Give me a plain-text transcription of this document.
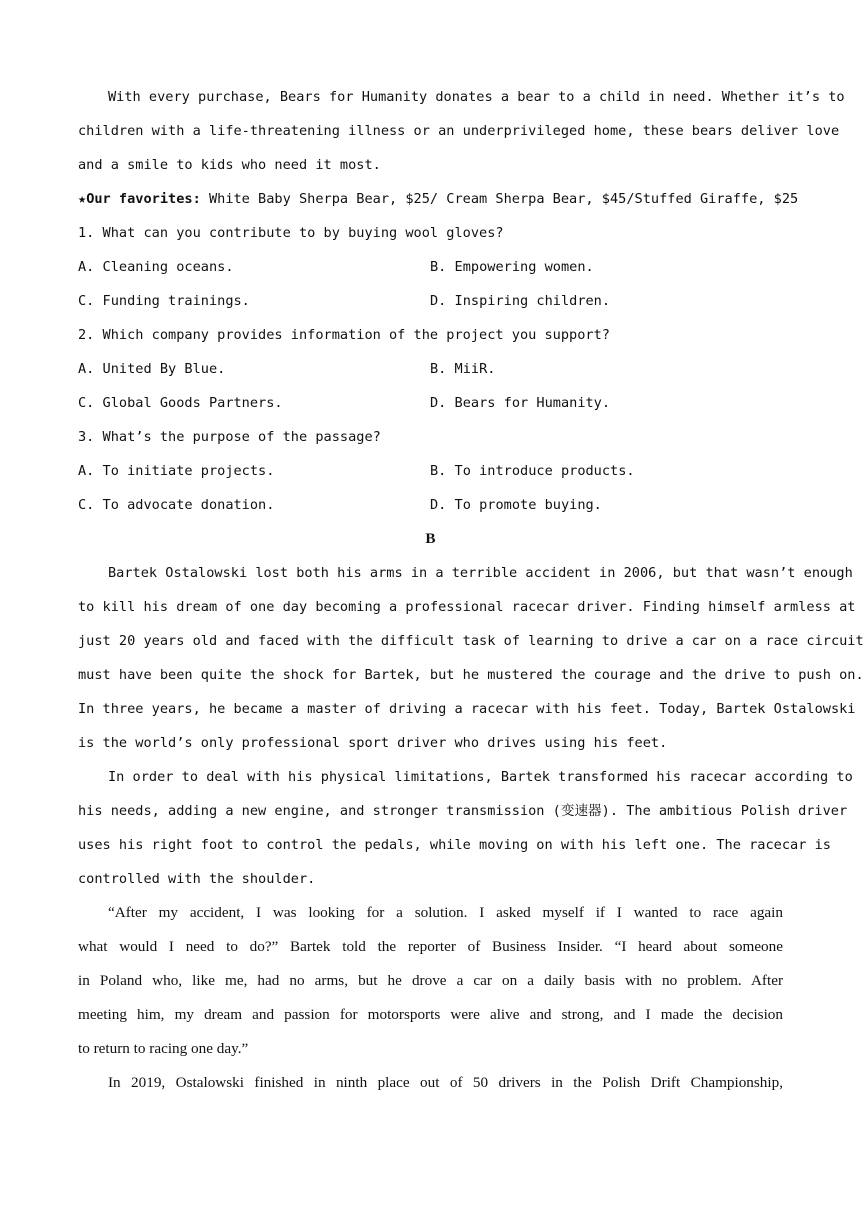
With every purchase, Bears for Humanity donates a bear to a child in need. Whether it’s to
children with a life-threatening illness or an underprivileged home, these bears deliver love
and a smile to kids who need it most.
★Our favorites: White Baby Sherpa Bear, $25/ Cream Sherpa Bear, $45/Stuffed Giraffe, $25
1. What can you contribute to by buying wool gloves?
A. Cleaning oceans.	B. Empowering women.
C. Funding trainings.	D. Inspiring children.
2. Which company provides information of the project you support?
A. United By Blue.	B. MiiR.
C. Global Goods Partners.	D. Bears for Humanity.
3. What’s the purpose of the passage?
A. To initiate projects.	B. To introduce products.
C. To advocate donation.	D. To promote buying.
B
Bartek Ostalowski lost both his arms in a terrible accident in 2006, but that wasn’t enough
to kill his dream of one day becoming a professional racecar driver. Finding himself armless at
just 20 years old and faced with the difficult task of learning to drive a car on a race circuit
must have been quite the shock for Bartek, but he mustered the courage and the drive to push on.
In three years, he became a master of driving a racecar with his feet. Today, Bartek Ostalowski
is the world’s only professional sport driver who drives using his feet.
In order to deal with his physical limitations, Bartek transformed his racecar according to
his needs, adding a new engine, and stronger transmission (变速器). The ambitious Polish driver
uses his right foot to control the pedals, while moving on with his left one. The racecar is
controlled with the shoulder.
“After my accident, I was looking for a solution. I asked myself if I wanted to race again
what would I need to do?” Bartek told the reporter of Business Insider. “I heard about someone
in Poland who, like me, had no arms, but he drove a car on a daily basis with no problem. After
meeting him, my dream and passion for motorsports were alive and strong, and I made the decision
to return to racing one day.”
In 2019, Ostalowski finished in ninth place out of 50 drivers in the Polish Drift Championship,
